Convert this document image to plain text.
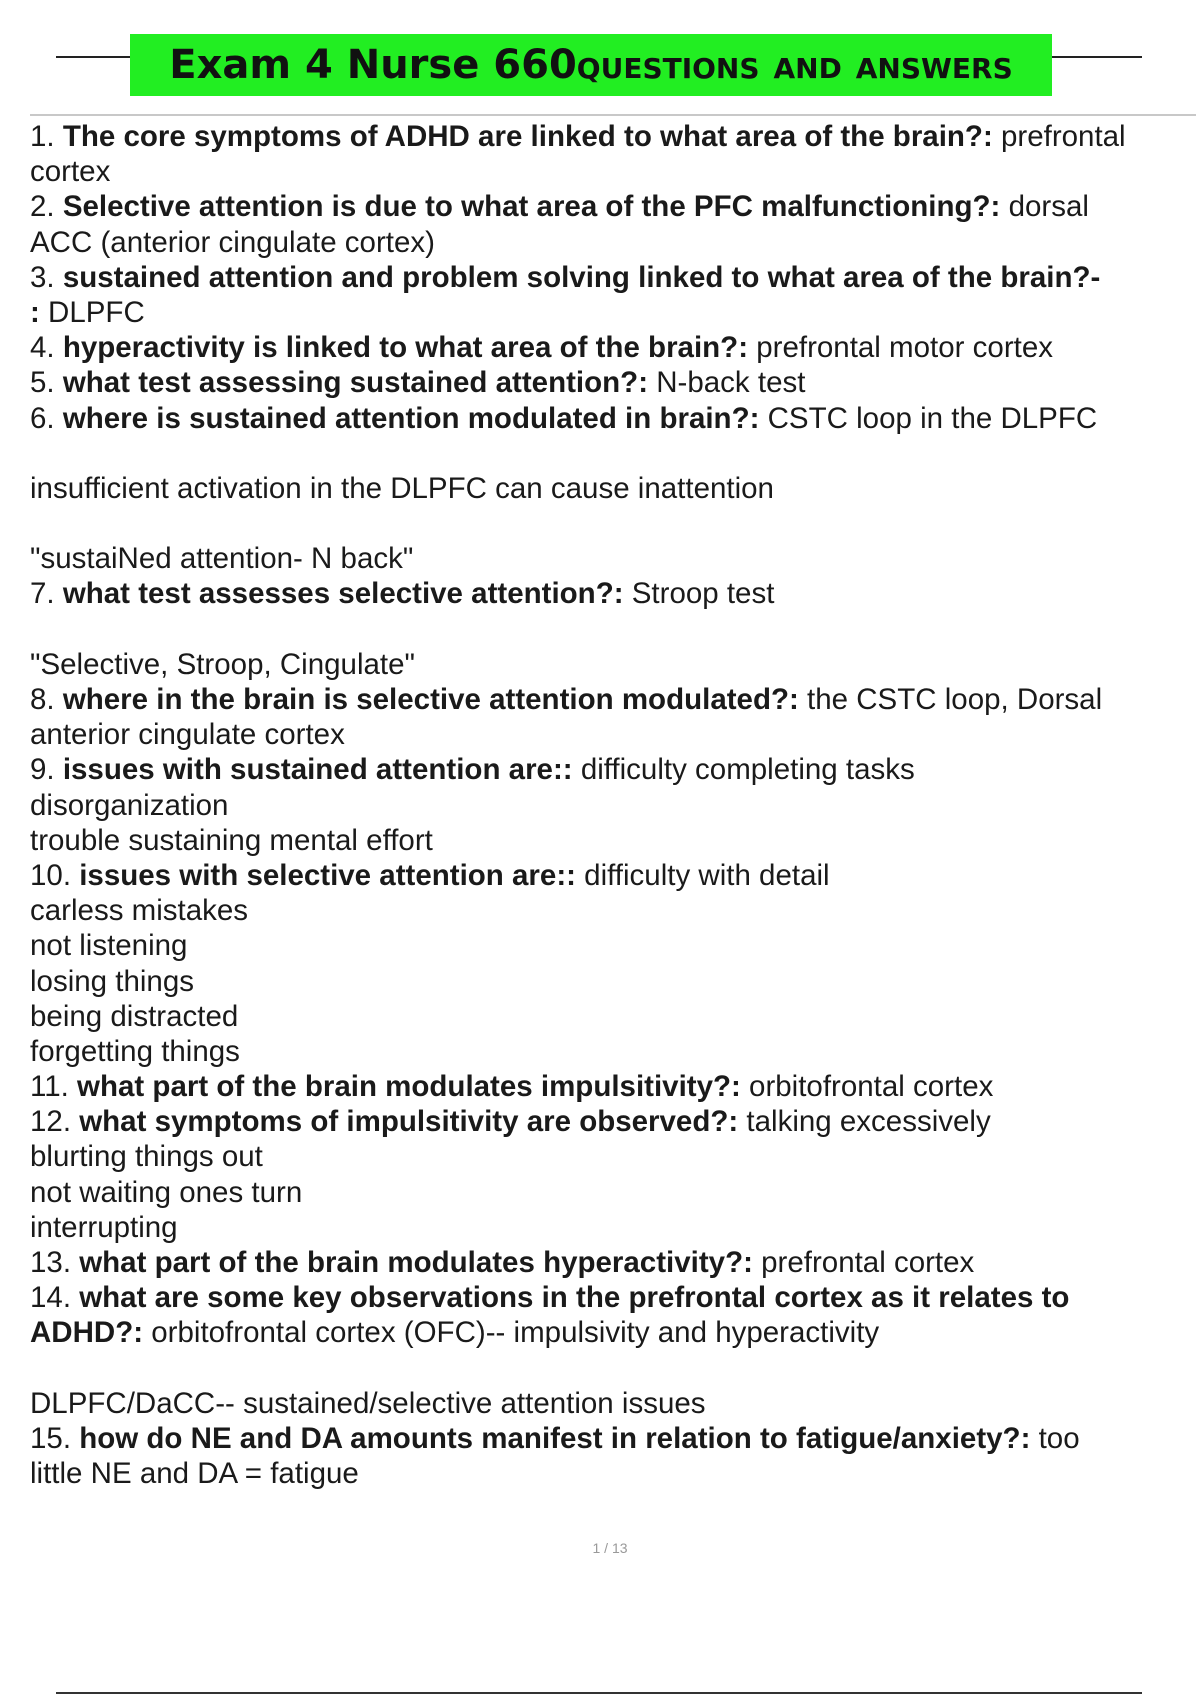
Exam 4 Nurse 660 questions and answers
1. The core symptoms of ADHD are linked to what area of the brain?: prefrontal
cortex
2. Selective attention is due to what area of the PFC malfunctioning?: dorsal
ACC (anterior cingulate cortex)
3. sustained attention and problem solving linked to what area of the brain?-
: DLPFC
4. hyperactivity is linked to what area of the brain?: prefrontal motor cortex
5. what test assessing sustained attention?: N-back test
6. where is sustained attention modulated in brain?: CSTC loop in the DLPFC
insufficient activation in the DLPFC can cause inattention
"sustaiNed attention- N back"
7. what test assesses selective attention?: Stroop test
"Selective, Stroop, Cingulate"
8. where in the brain is selective attention modulated?: the CSTC loop, Dorsal
anterior cingulate cortex
9. issues with sustained attention are:: difficulty completing tasks
disorganization
trouble sustaining mental effort
10. issues with selective attention are:: difficulty with detail
carless mistakes
not listening
losing things
being distracted
forgetting things
11. what part of the brain modulates impulsitivity?: orbitofrontal cortex
12. what symptoms of impulsitivity are observed?: talking excessively
blurting things out
not waiting ones turn
interrupting
13. what part of the brain modulates hyperactivity?: prefrontal cortex
14. what are some key observations in the prefrontal cortex as it relates to
ADHD?: orbitofrontal cortex (OFC)-- impulsivity and hyperactivity
DLPFC/DaCC-- sustained/selective attention issues
15. how do NE and DA amounts manifest in relation to fatigue/anxiety?: too
little NE and DA = fatigue
1 / 13
